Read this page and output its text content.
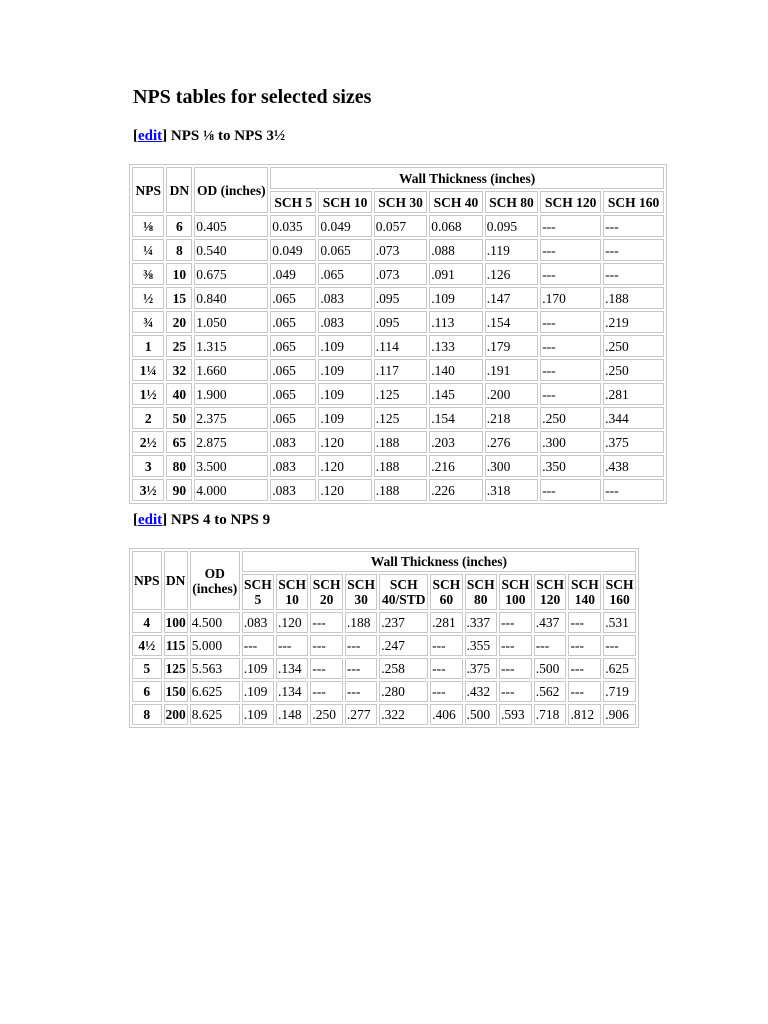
NPS tables for selected sizes
[edit] NPS ⅛ to NPS 3½
NPS	DN	OD (inches)	Wall Thickness (inches)						
			SCH 5	SCH 10	SCH 30	SCH 40	SCH 80	SCH 120	SCH 160
⅛	6	0.405	0.035	0.049	0.057	0.068	0.095	---	---
¼	8	0.540	0.049	0.065	.073	.088	.119	---	---
⅜	10	0.675	.049	.065	.073	.091	.126	---	---
½	15	0.840	.065	.083	.095	.109	.147	.170	.188
¾	20	1.050	.065	.083	.095	.113	.154	---	.219
1	25	1.315	.065	.109	.114	.133	.179	---	.250
1¼	32	1.660	.065	.109	.117	.140	.191	---	.250
1½	40	1.900	.065	.109	.125	.145	.200	---	.281
2	50	2.375	.065	.109	.125	.154	.218	.250	.344
2½	65	2.875	.083	.120	.188	.203	.276	.300	.375
3	80	3.500	.083	.120	.188	.216	.300	.350	.438
3½	90	4.000	.083	.120	.188	.226	.318	---	---
[edit] NPS 4 to NPS 9
NPS	DN	OD (inches)	Wall Thickness (inches)										
			SCH 5	SCH 10	SCH 20	SCH 30	SCH 40/STD	SCH 60	SCH 80	SCH 100	SCH 120	SCH 140	SCH 160
4	100	4.500	.083	.120	---	.188	.237	.281	.337	---	.437	---	.531
4½	115	5.000	---	---	---	---	.247	---	.355	---	---	---	---
5	125	5.563	.109	.134	---	---	.258	---	.375	---	.500	---	.625
6	150	6.625	.109	.134	---	---	.280	---	.432	---	.562	---	.719
8	200	8.625	.109	.148	.250	.277	.322	.406	.500	.593	.718	.812	.906
